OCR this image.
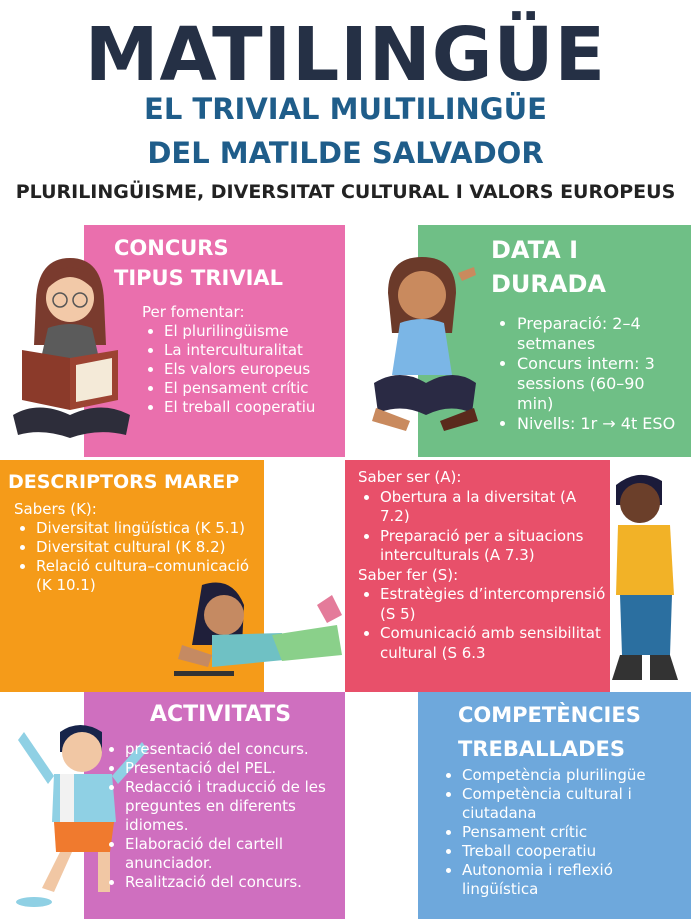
MATILINGÜE
EL TRIVIAL MULTILINGÜE
DEL MATILDE SALVADOR
PLURILINGÜISME, DIVERSITAT CULTURAL I VALORS EUROPEUS
CONCURS
TIPUS TRIVIAL
Per fomentar:
• El plurilingüisme
• La interculturalitat
• Els valors europeus
• El pensament crític
• El treball cooperatiu
DATA I
DURADA
• Preparació: 2–4 setmanes
• Concurs intern: 3 sessions (60–90 min)
• Nivells: 1r → 4t ESO
DESCRIPTORS MAREP
Sabers (K):
• Diversitat lingüística (K 5.1)
• Diversitat cultural (K 8.2)
• Relació cultura–comunicació (K 10.1)
Saber ser (A):
• Obertura a la diversitat (A 7.2)
• Preparació per a situacions interculturals (A 7.3)
Saber fer (S):
• Estratègies d’intercomprensió (S 5)
• Comunicació amb sensibilitat cultural (S 6.3
ACTIVITATS
• presentació del concurs.
• Presentació del PEL.
• Redacció i traducció de les preguntes en diferents idiomes.
• Elaboració del cartell anunciador.
• Realització del concurs.
COMPETÈNCIES
TREBALLADES
• Competència plurilingüe
• Competència cultural i ciutadana
• Pensament crític
• Treball cooperatiu
• Autonomia i reflexió lingüística
